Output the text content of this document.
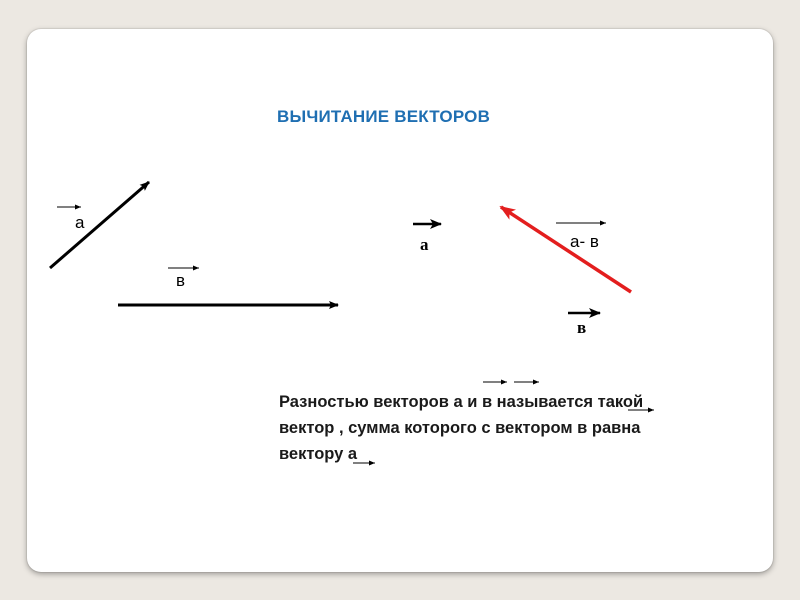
ВЫЧИТАНИЕ ВЕКТОРОВ
а
в
а	а- в
в

Разностью векторов а и в называется такой

вектор , сумма которого с вектором в равна

вектору а
